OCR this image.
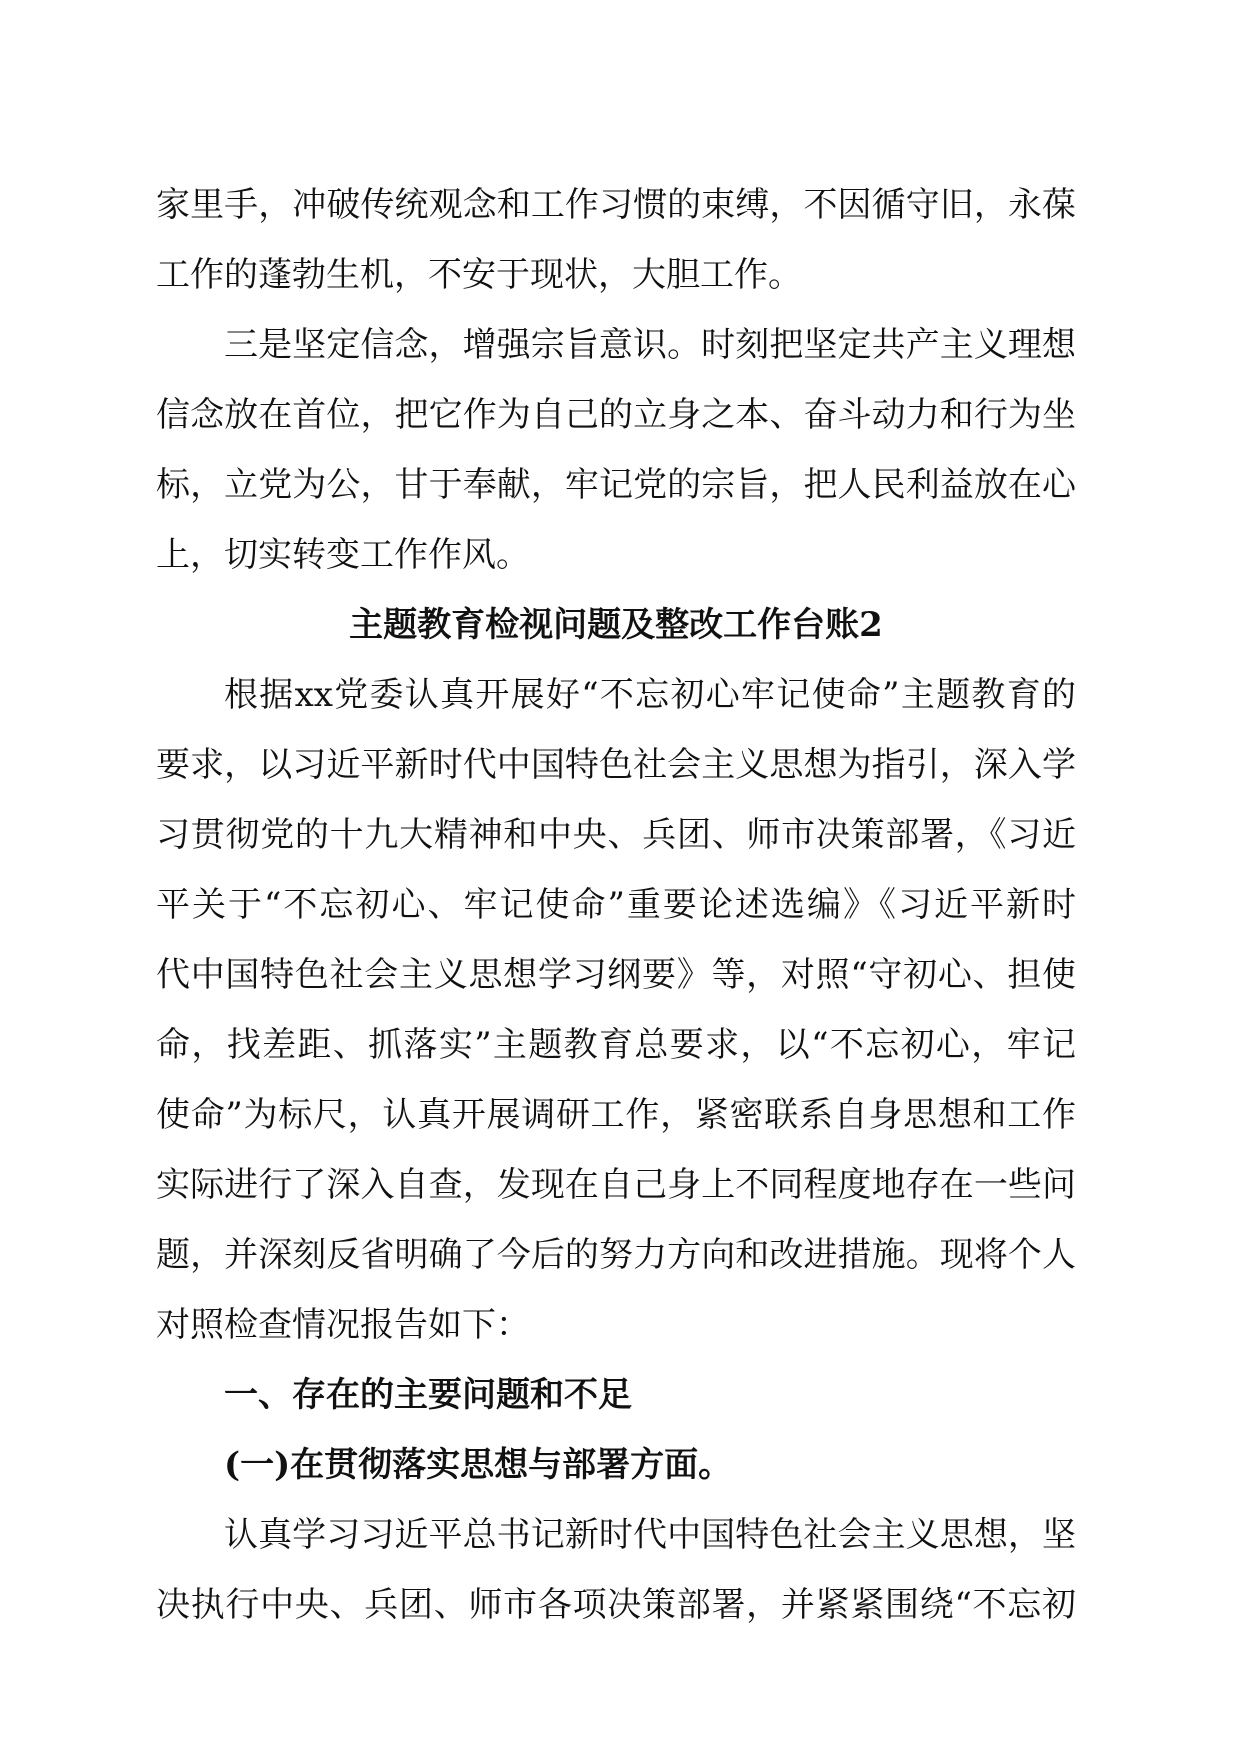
家里手，冲破传统观念和工作习惯的束缚，不因循守旧，永葆
工作的蓬勃生机，不安于现状，大胆工作。
三是坚定信念，增强宗旨意识。时刻把坚定共产主义理想
信念放在首位，把它作为自己的立身之本、奋斗动力和行为坐
标，立党为公，甘于奉献，牢记党的宗旨，把人民利益放在心
上，切实转变工作作风。
主题教育检视问题及整改工作台账2
根据xx党委认真开展好“不忘初心牢记使命”主题教育的
要求，以习近平新时代中国特色社会主义思想为指引，深入学
习贯彻党的十九大精神和中央、兵团、师市决策部署，《习近
平关于“不忘初心、牢记使命”重要论述选编》《习近平新时
代中国特色社会主义思想学习纲要》等，对照“守初心、担使
命，找差距、抓落实”主题教育总要求，以“不忘初心，牢记
使命”为标尺，认真开展调研工作，紧密联系自身思想和工作
实际进行了深入自查，发现在自己身上不同程度地存在一些问
题，并深刻反省明确了今后的努力方向和改进措施。现将个人
对照检查情况报告如下：
一、存在的主要问题和不足
(一)在贯彻落实思想与部署方面。
认真学习习近平总书记新时代中国特色社会主义思想，坚
决执行中央、兵团、师市各项决策部署，并紧紧围绕“不忘初
